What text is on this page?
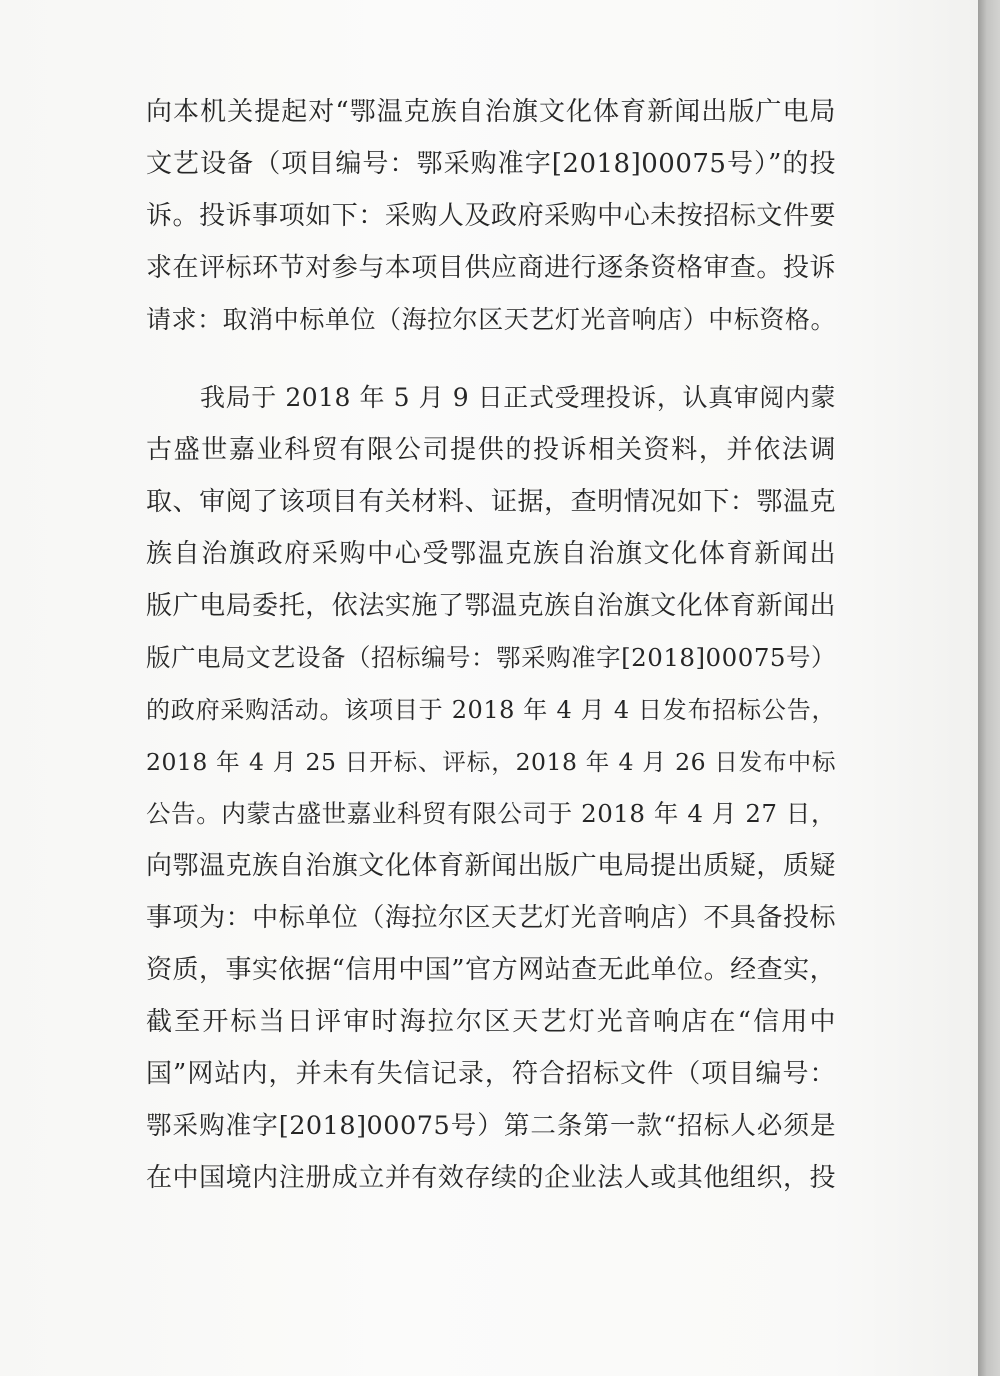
向本机关提起对“鄂温克族自治旗文化体育新闻出版广电局
文艺设备（项目编号：鄂采购准字[2018]00075号）”的投
诉。投诉事项如下：采购人及政府采购中心未按招标文件要
求在评标环节对参与本项目供应商进行逐条资格审查。投诉
请求：取消中标单位（海拉尔区天艺灯光音响店）中标资格。
我局于 2018 年 5 月 9 日正式受理投诉，认真审阅内蒙
古盛世嘉业科贸有限公司提供的投诉相关资料，并依法调
取、审阅了该项目有关材料、证据，查明情况如下：鄂温克
族自治旗政府采购中心受鄂温克族自治旗文化体育新闻出
版广电局委托，依法实施了鄂温克族自治旗文化体育新闻出
版广电局文艺设备（招标编号：鄂采购准字[2018]00075号）
的政府采购活动。该项目于 2018 年 4 月 4 日发布招标公告，
2018 年 4 月 25 日开标、评标，2018 年 4 月 26 日发布中标
公告。内蒙古盛世嘉业科贸有限公司于 2018 年 4 月 27 日，
向鄂温克族自治旗文化体育新闻出版广电局提出质疑，质疑
事项为：中标单位（海拉尔区天艺灯光音响店）不具备投标
资质，事实依据“信用中国”官方网站查无此单位。经查实，
截至开标当日评审时海拉尔区天艺灯光音响店在“信用中
国”网站内，并未有失信记录，符合招标文件（项目编号：
鄂采购准字[2018]00075号）第二条第一款“招标人必须是
在中国境内注册成立并有效存续的企业法人或其他组织，投
